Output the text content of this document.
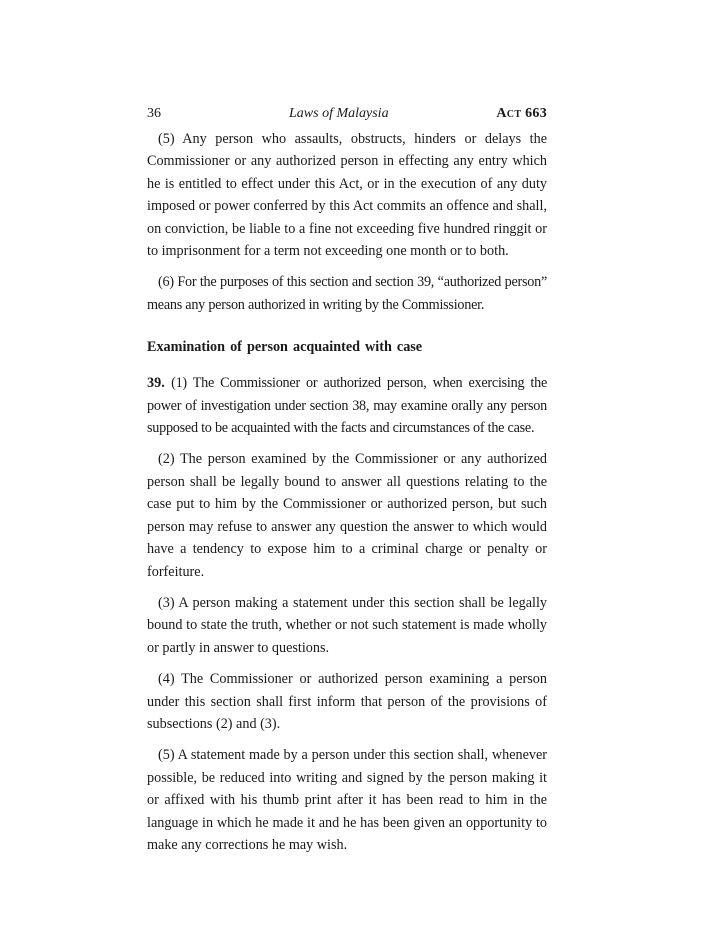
36	Laws of Malaysia	Act 663

(5) Any person who assaults, obstructs, hinders or delays the Commissioner or any authorized person in effecting any entry which he is entitled to effect under this Act, or in the execution of any duty imposed or power conferred by this Act commits an offence and shall, on conviction, be liable to a fine not exceeding five hundred ringgit or to imprisonment for a term not exceeding one month or to both.

(6) For the purposes of this section and section 39, “authorized person” means any person authorized in writing by the Commissioner.

Examination of person acquainted with case

39. (1) The Commissioner or authorized person, when exercising the power of investigation under section 38, may examine orally any person supposed to be acquainted with the facts and circumstances of the case.

(2) The person examined by the Commissioner or any authorized person shall be legally bound to answer all questions relating to the case put to him by the Commissioner or authorized person, but such person may refuse to answer any question the answer to which would have a tendency to expose him to a criminal charge or penalty or forfeiture.

(3) A person making a statement under this section shall be legally bound to state the truth, whether or not such statement is made wholly or partly in answer to questions.

(4) The Commissioner or authorized person examining a person under this section shall first inform that person of the provisions of subsections (2) and (3).

(5) A statement made by a person under this section shall, whenever possible, be reduced into writing and signed by the person making it or affixed with his thumb print after it has been read to him in the language in which he made it and he has been given an opportunity to make any corrections he may wish.
